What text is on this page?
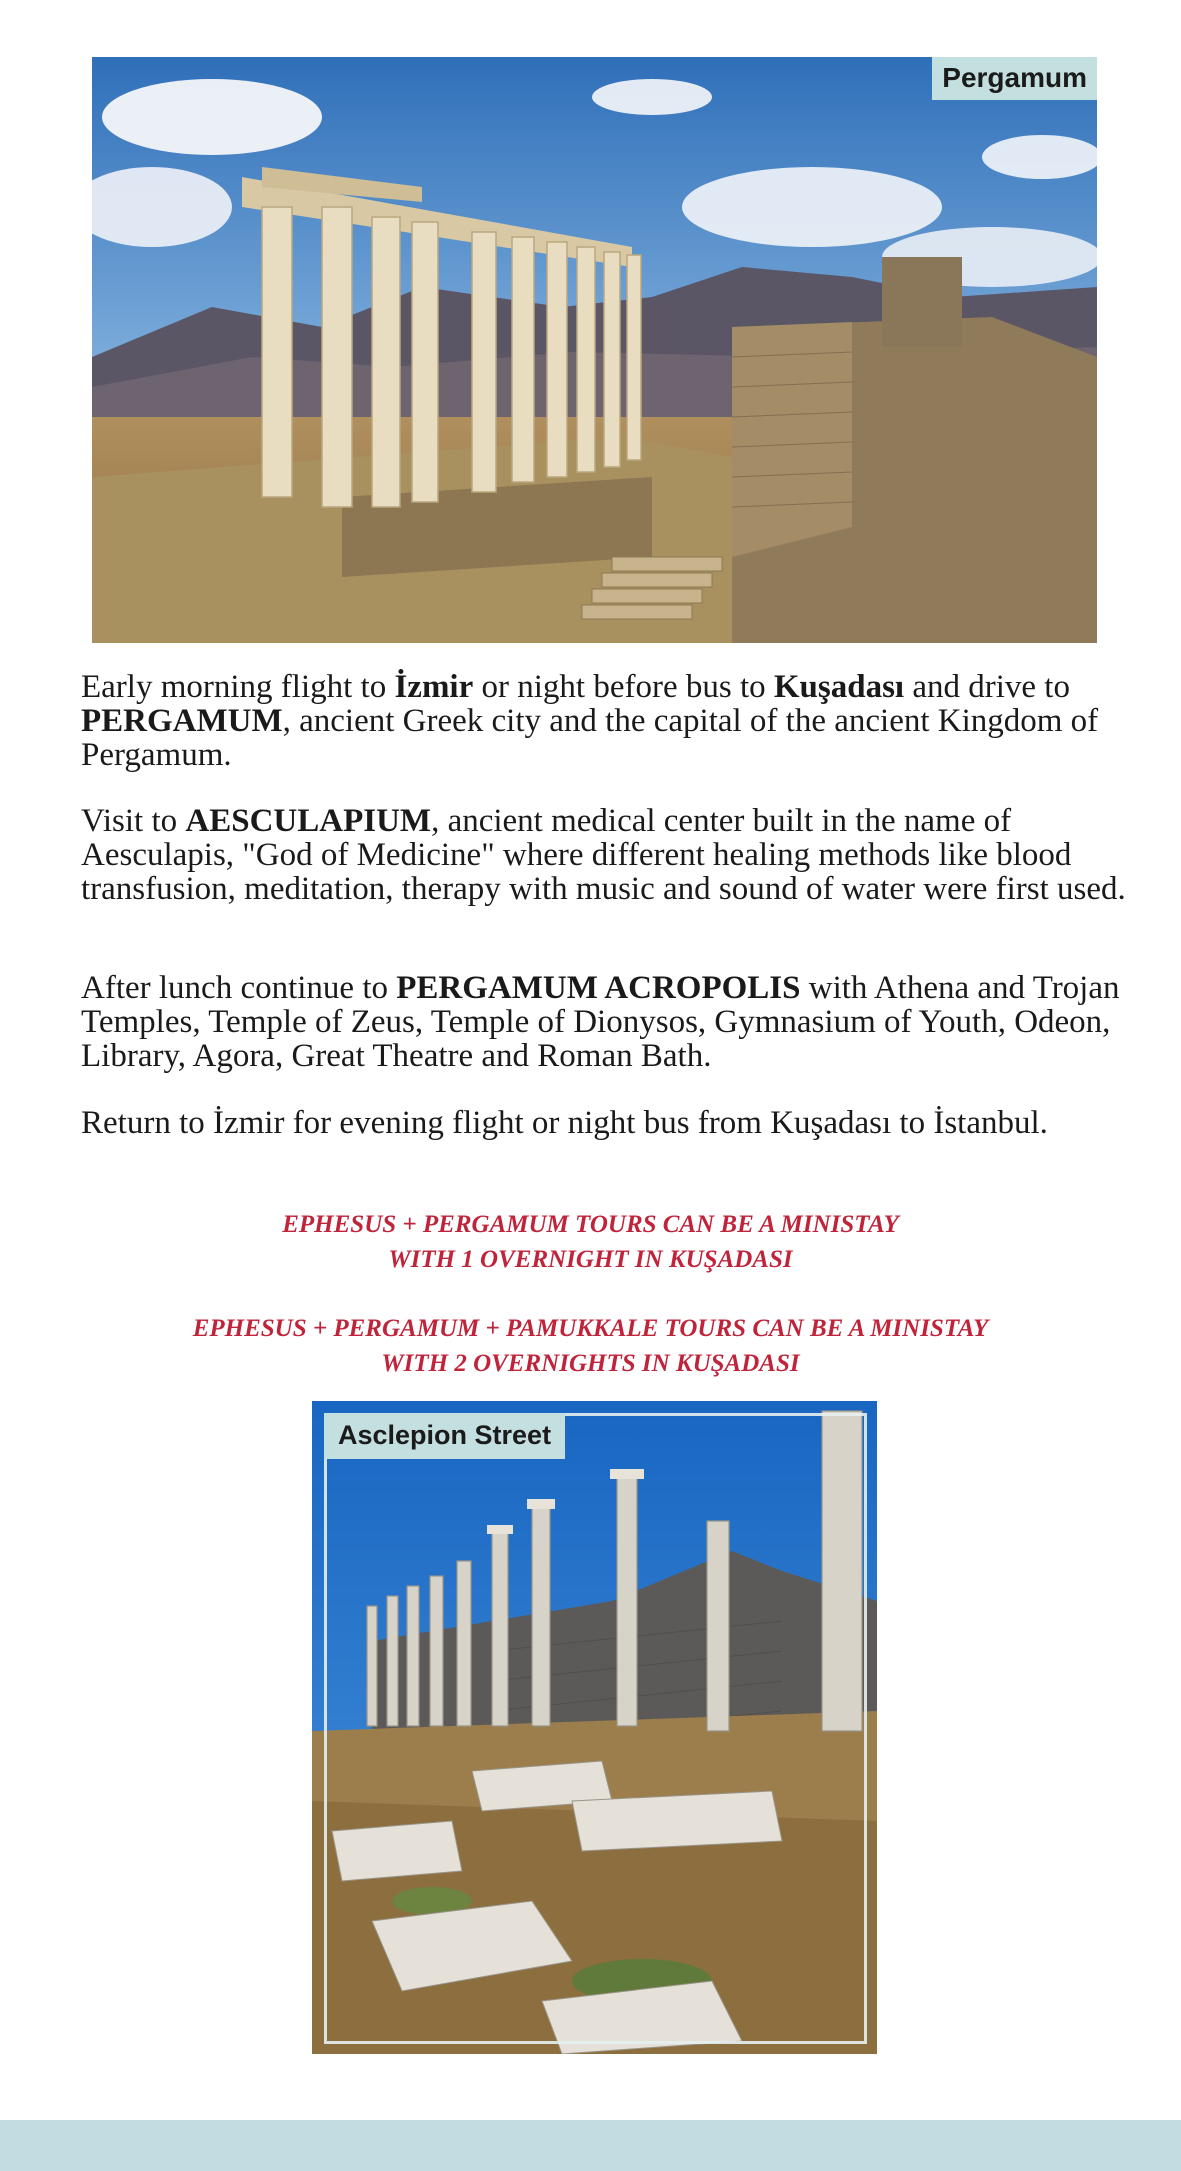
Pergamum

Early morning flight to İzmir or night before bus to Kuşadası and drive to PERGAMUM, ancient Greek city and the capital of the ancient Kingdom of Pergamum.

Visit to AESCULAPIUM, ancient medical center built in the name of Aesculapis, "God of Medicine" where different healing methods like blood transfusion, meditation, therapy with music and sound of water were first used.

After lunch continue to PERGAMUM ACROPOLIS with Athena and Trojan Temples, Temple of Zeus, Temple of Dionysos, Gymnasium of Youth, Odeon, Library, Agora, Great Theatre and Roman Bath.

Return to İzmir for evening flight or night bus from Kuşadası to İstanbul.

EPHESUS + PERGAMUM TOURS CAN BE A MINISTAY
WITH 1 OVERNIGHT IN KUŞADASI

EPHESUS + PERGAMUM + PAMUKKALE TOURS CAN BE A MINISTAY
WITH 2 OVERNIGHTS IN KUŞADASI

Asclepion Street
